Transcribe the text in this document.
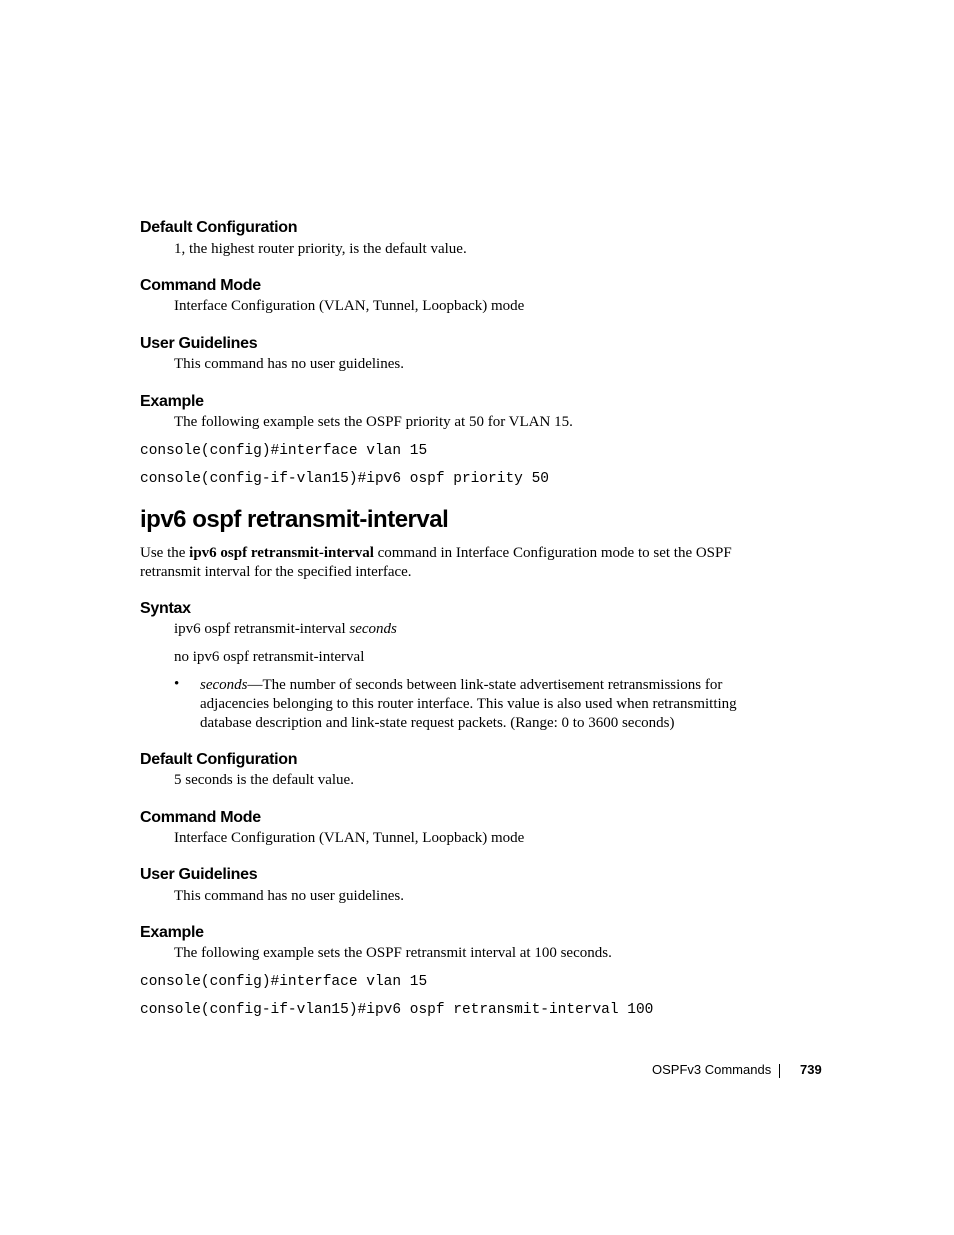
Default Configuration

1, the highest router priority, is the default value.

Command Mode

Interface Configuration (VLAN, Tunnel, Loopback) mode

User Guidelines

This command has no user guidelines.

Example

The following example sets the OSPF priority at 50 for VLAN 15.

console(config)#interface vlan 15
console(config-if-vlan15)#ipv6 ospf priority 50
ipv6 ospf retransmit-interval

Use the ipv6 ospf retransmit-interval command in Interface Configuration mode to set the OSPF retransmit interval for the specified interface.

Syntax

ipv6 ospf retransmit-interval seconds

no ipv6 ospf retransmit-interval

• seconds—The number of seconds between link-state advertisement retransmissions for adjacencies belonging to this router interface. This value is also used when retransmitting database description and link-state request packets. (Range: 0 to 3600 seconds)

Default Configuration

5 seconds is the default value.

Command Mode

Interface Configuration (VLAN, Tunnel, Loopback) mode

User Guidelines

This command has no user guidelines.

Example

The following example sets the OSPF retransmit interval at 100 seconds.

console(config)#interface vlan 15
console(config-if-vlan15)#ipv6 ospf retransmit-interval 100
OSPFv3 Commands 739
